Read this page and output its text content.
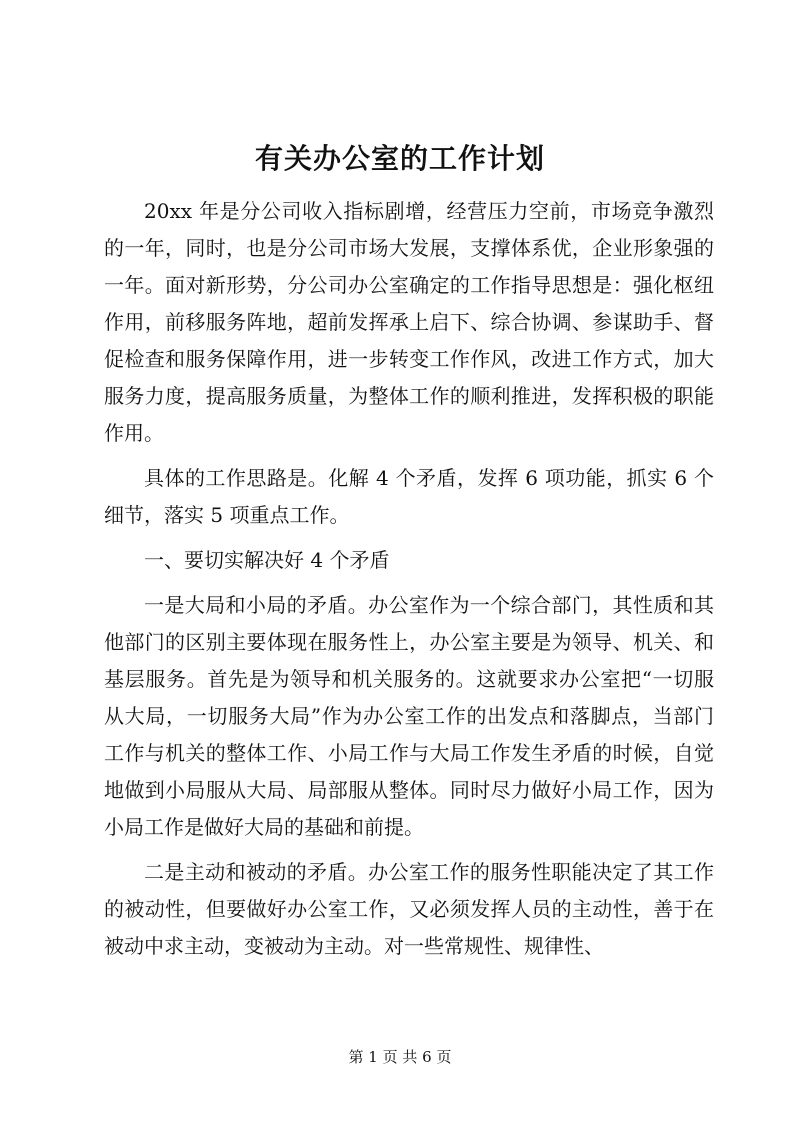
有关办公室的工作计划

20xx 年是分公司收入指标剧增，经营压力空前，市场竞争激烈的一年，同时，也是分公司市场大发展，支撑体系优，企业形象强的一年。面对新形势，分公司办公室确定的工作指导思想是：强化枢纽作用，前移服务阵地，超前发挥承上启下、综合协调、参谋助手、督促检查和服务保障作用，进一步转变工作作风，改进工作方式，加大服务力度，提高服务质量，为整体工作的顺利推进，发挥积极的职能作用。

具体的工作思路是。化解 4 个矛盾，发挥 6 项功能，抓实 6 个细节，落实 5 项重点工作。

一、要切实解决好 4 个矛盾

一是大局和小局的矛盾。办公室作为一个综合部门，其性质和其他部门的区别主要体现在服务性上，办公室主要是为领导、机关、和基层服务。首先是为领导和机关服务的。这就要求办公室把“一切服从大局，一切服务大局”作为办公室工作的出发点和落脚点，当部门工作与机关的整体工作、小局工作与大局工作发生矛盾的时候，自觉地做到小局服从大局、局部服从整体。同时尽力做好小局工作，因为小局工作是做好大局的基础和前提。

二是主动和被动的矛盾。办公室工作的服务性职能决定了其工作的被动性，但要做好办公室工作，又必须发挥人员的主动性，善于在被动中求主动，变被动为主动。对一些常规性、规律性、

第 1 页 共 6 页
